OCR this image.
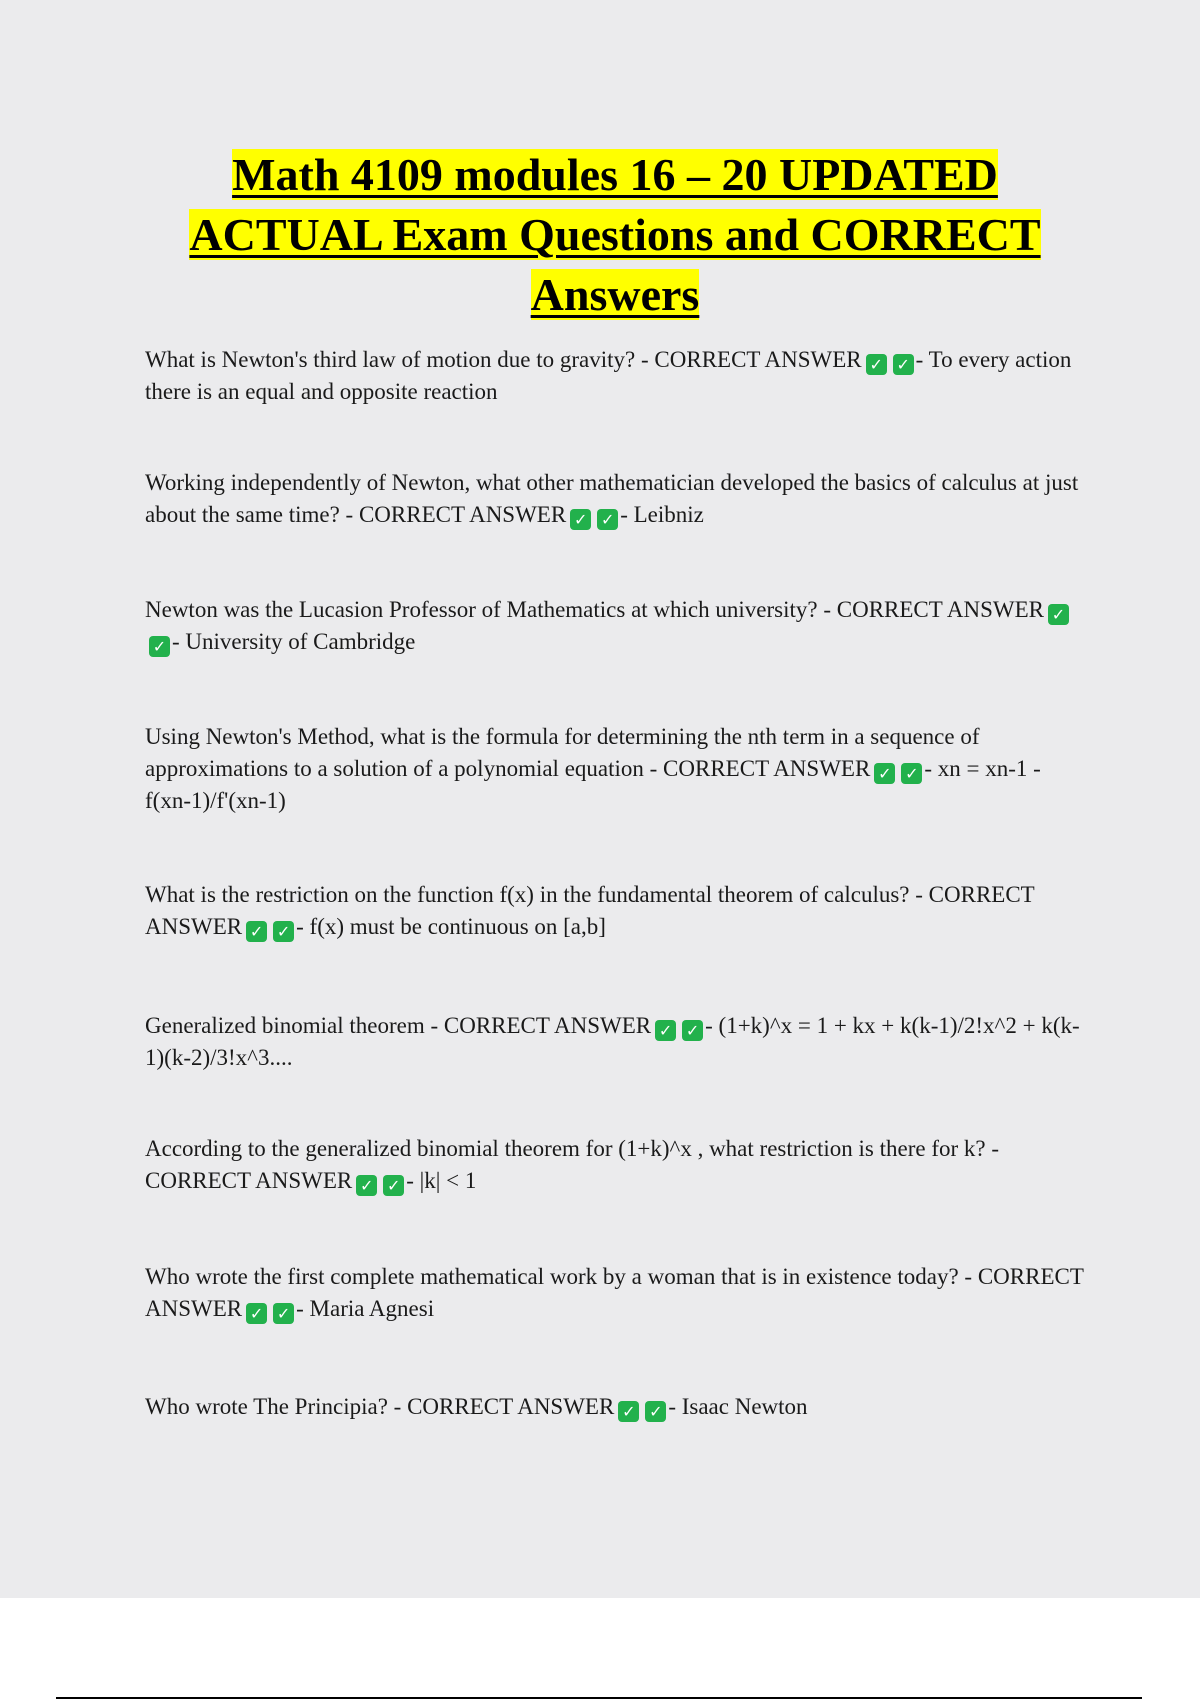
Math 4109 modules 16 – 20 UPDATED
ACTUAL Exam Questions and CORRECT
Answers
What is Newton's third law of motion due to gravity? - CORRECT ANSWER ✓ ✓ - To every action there is an equal and opposite reaction
Working independently of Newton, what other mathematician developed the basics of calculus at just about the same time? - CORRECT ANSWER ✓ ✓ - Leibniz
Newton was the Lucasion Professor of Mathematics at which university? - CORRECT ANSWER ✓✓ - University of Cambridge
Using Newton's Method, what is the formula for determining the nth term in a sequence of approximations to a solution of a polynomial equation - CORRECT ANSWER ✓ ✓ - xn = xn-1 - f(xn-1)/f'(xn-1)
What is the restriction on the function f(x) in the fundamental theorem of calculus? - CORRECT ANSWER ✓ ✓ - f(x) must be continuous on [a,b]
Generalized binomial theorem - CORRECT ANSWER ✓ ✓ - (1+k)^x = 1 + kx + k(k-1)/2!x^2 + k(k-1)(k-2)/3!x^3....
According to the generalized binomial theorem for (1+k)^x , what restriction is there for k? - CORRECT ANSWER ✓ ✓ - |k| < 1
Who wrote the first complete mathematical work by a woman that is in existence today? - CORRECT ANSWER ✓ ✓ - Maria Agnesi
Who wrote The Principia? - CORRECT ANSWER ✓ ✓ - Isaac Newton
